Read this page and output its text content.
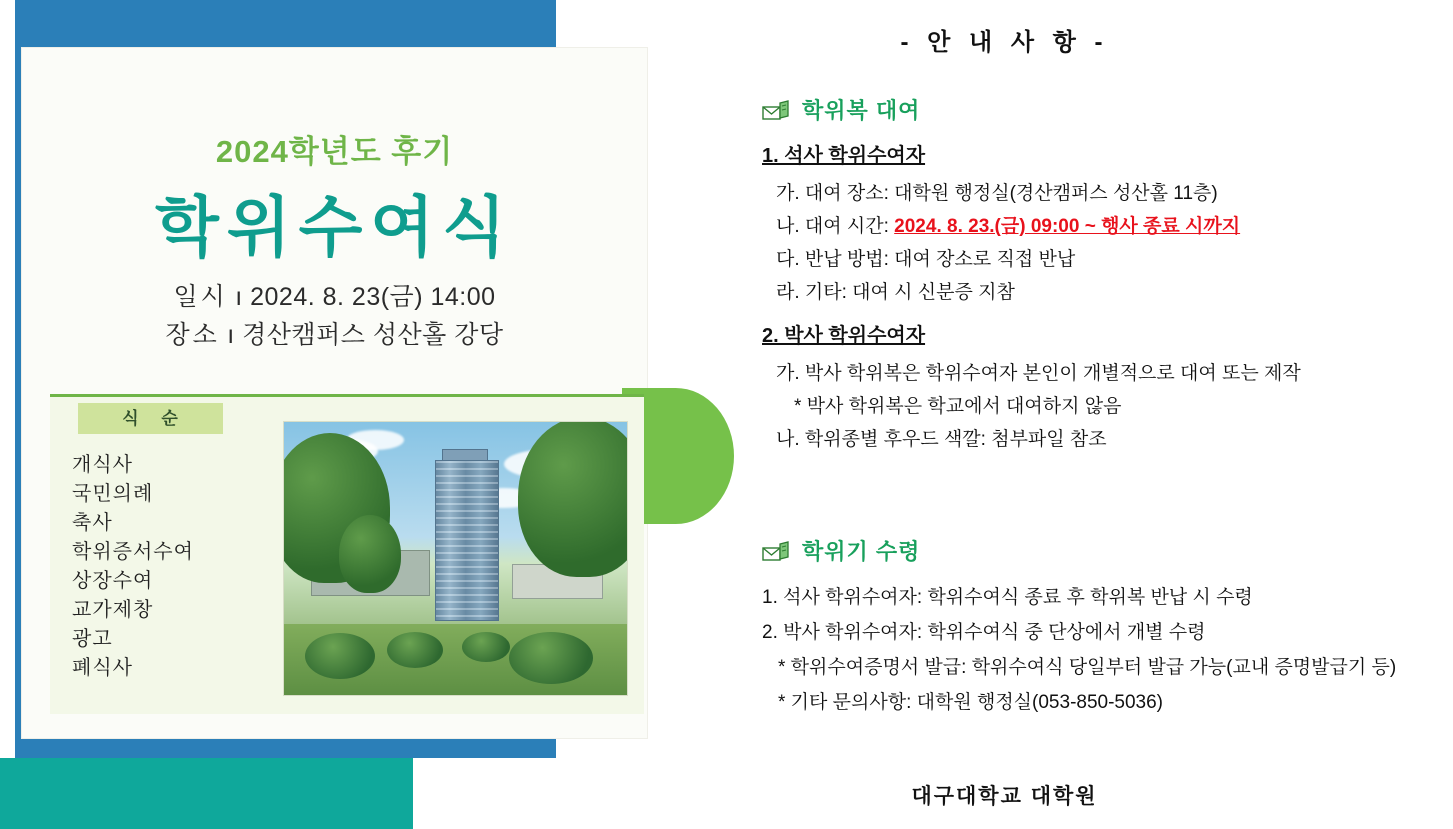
2024학년도 후기
학위수여식
일시 ı 2024. 8. 23(금) 14:00
장소 ı 경산캠퍼스 성산홀 강당
식 순
개식사
국민의례
축사
학위증서수여
상장수여
교가제창
광고
폐식사
- 안 내 사 항 -
학위복 대여
1. 석사 학위수여자
가. 대여 장소: 대학원 행정실(경산캠퍼스 성산홀 11층)
나. 대여 시간: 2024. 8. 23.(금) 09:00 ~ 행사 종료 시까지
다. 반납 방법: 대여 장소로 직접 반납
라. 기타: 대여 시 신분증 지참
2. 박사 학위수여자
가. 박사 학위복은 학위수여자 본인이 개별적으로 대여 또는 제작
* 박사 학위복은 학교에서 대여하지 않음
나. 학위종별 후우드 색깔: 첨부파일 참조
학위기 수령
1. 석사 학위수여자: 학위수여식 종료 후 학위복 반납 시 수령
2. 박사 학위수여자: 학위수여식 중 단상에서 개별 수령
* 학위수여증명서 발급: 학위수여식 당일부터 발급 가능(교내 증명발급기 등)
* 기타 문의사항: 대학원 행정실(053-850-5036)
대구대학교 대학원
